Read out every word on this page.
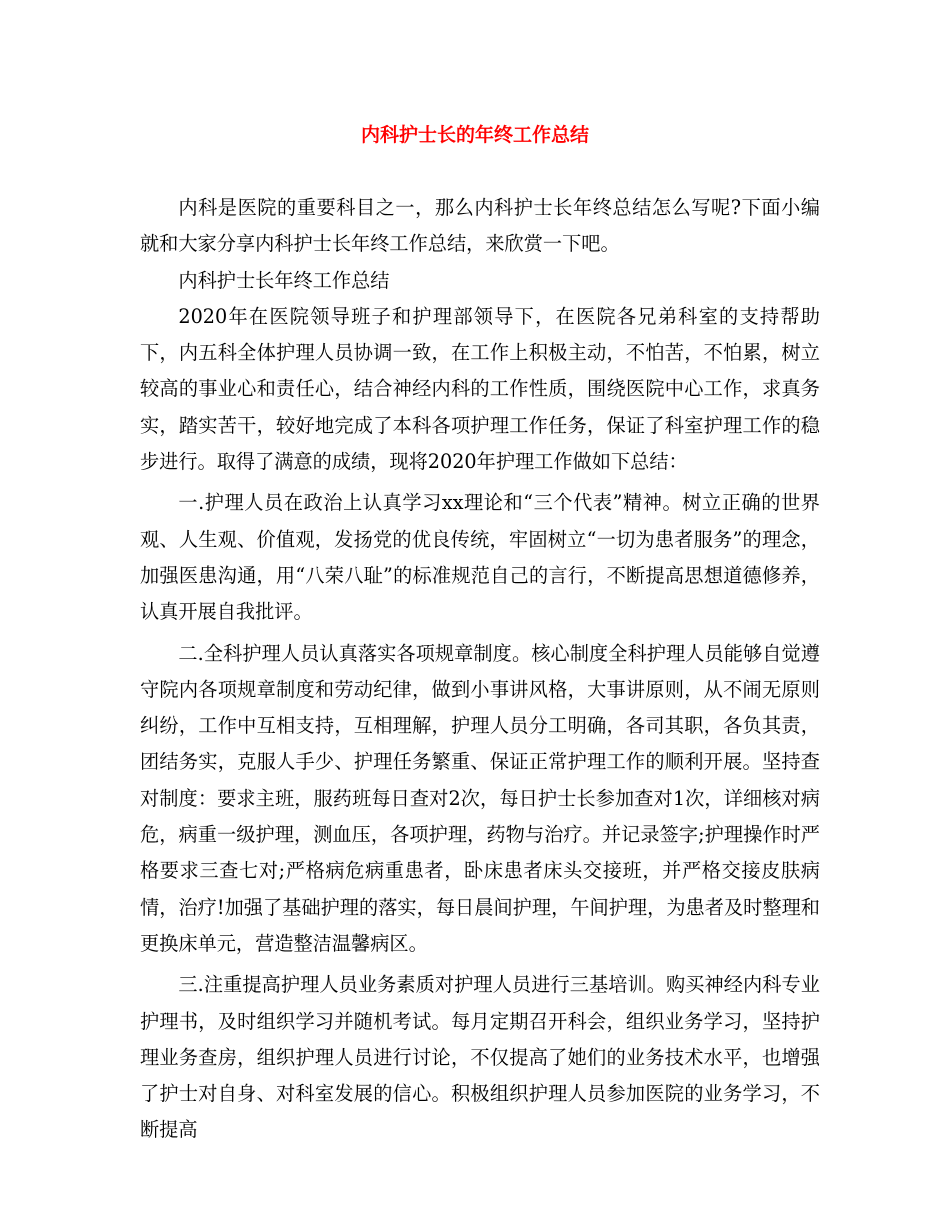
内科护士长的年终工作总结

内科是医院的重要科目之一，那么内科护士长年终总结怎么写呢?下面小编就和大家分享内科护士长年终工作总结，来欣赏一下吧。

内科护士长年终工作总结

2020年在医院领导班子和护理部领导下，在医院各兄弟科室的支持帮助下，内五科全体护理人员协调一致，在工作上积极主动，不怕苦，不怕累，树立较高的事业心和责任心，结合神经内科的工作性质，围绕医院中心工作，求真务实，踏实苦干，较好地完成了本科各项护理工作任务，保证了科室护理工作的稳步进行。取得了满意的成绩，现将2020年护理工作做如下总结：

一.护理人员在政治上认真学习xx理论和“三个代表”精神。树立正确的世界观、人生观、价值观，发扬党的优良传统，牢固树立“一切为患者服务”的理念，加强医患沟通，用“八荣八耻”的标准规范自己的言行，不断提高思想道德修养，认真开展自我批评。

二.全科护理人员认真落实各项规章制度。核心制度全科护理人员能够自觉遵守院内各项规章制度和劳动纪律，做到小事讲风格，大事讲原则，从不闹无原则纠纷，工作中互相支持，互相理解，护理人员分工明确，各司其职，各负其责，团结务实，克服人手少、护理任务繁重、保证正常护理工作的顺利开展。坚持查对制度：要求主班，服药班每日查对2次，每日护士长参加查对1次，详细核对病危，病重一级护理，测血压，各项护理，药物与治疗。并记录签字;护理操作时严格要求三查七对;严格病危病重患者，卧床患者床头交接班，并严格交接皮肤病情，治疗!加强了基础护理的落实，每日晨间护理，午间护理，为患者及时整理和更换床单元，营造整洁温馨病区。

三.注重提高护理人员业务素质对护理人员进行三基培训。购买神经内科专业护理书，及时组织学习并随机考试。每月定期召开科会，组织业务学习，坚持护理业务查房，组织护理人员进行讨论，不仅提高了她们的业务技术水平，也增强了护士对自身、对科室发展的信心。积极组织护理人员参加医院的业务学习，不断提高
